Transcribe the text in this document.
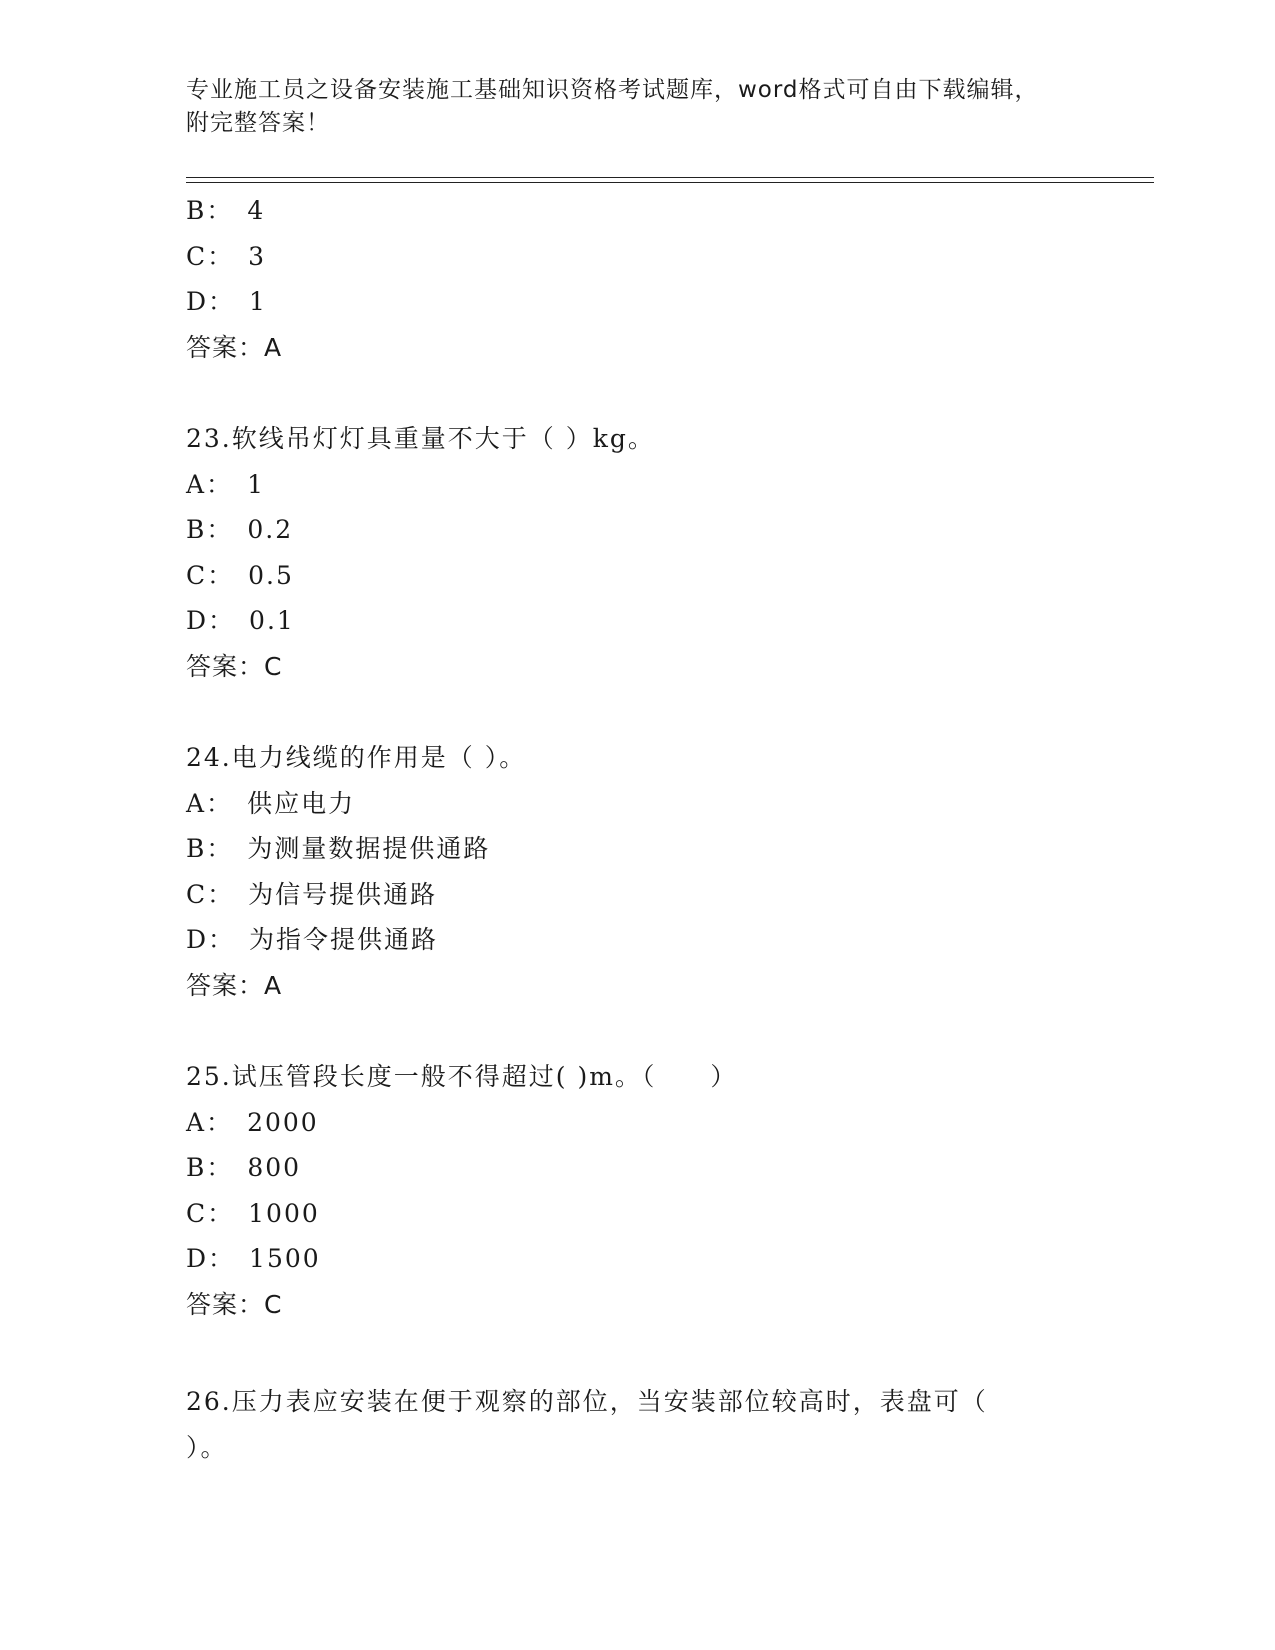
专业施工员之设备安装施工基础知识资格考试题库，word格式可自由下载编辑，
附完整答案！
B： 4
C： 3
D： 1
答案：A
23.软线吊灯灯具重量不大于（ ）kg。
A： 1
B： 0.2
C： 0.5
D： 0.1
答案：C
24.电力线缆的作用是（ ）。
A： 供应电力
B： 为测量数据提供通路
C： 为信号提供通路
D： 为指令提供通路
答案：A
25.试压管段长度一般不得超过( )m。（　　）
A： 2000
B： 800
C： 1000
D： 1500
答案：C
26.压力表应安装在便于观察的部位，当安装部位较高时，表盘可（ ）。
